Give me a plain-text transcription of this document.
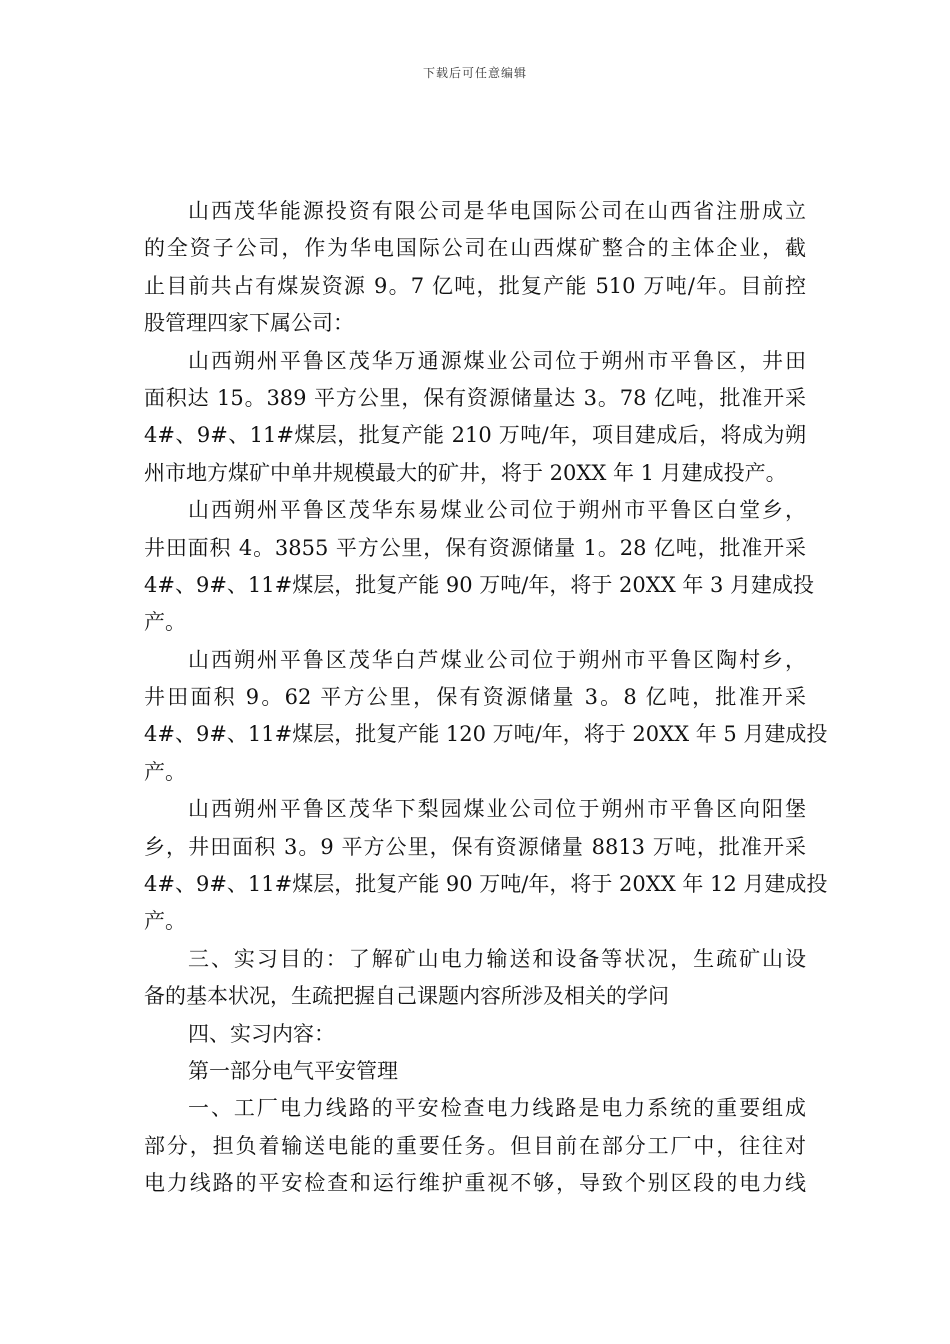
下载后可任意编辑
山西茂华能源投资有限公司是华电国际公司在山西省注册成立
的全资子公司，作为华电国际公司在山西煤矿整合的主体企业，截
止目前共占有煤炭资源 9。7 亿吨，批复产能 510 万吨/年。目前控
股管理四家下属公司：
山西朔州平鲁区茂华万通源煤业公司位于朔州市平鲁区，井田
面积达 15。389 平方公里，保有资源储量达 3。78 亿吨，批准开采
4#、9#、11#煤层，批复产能 210 万吨/年，项目建成后，将成为朔
州市地方煤矿中单井规模最大的矿井，将于 20XX 年 1 月建成投产。
山西朔州平鲁区茂华东易煤业公司位于朔州市平鲁区白堂乡，
井田面积 4。3855 平方公里，保有资源储量 1。28 亿吨，批准开采
4#、9#、11#煤层，批复产能 90 万吨/年，将于 20XX 年 3 月建成投
产。
山西朔州平鲁区茂华白芦煤业公司位于朔州市平鲁区陶村乡，
井田面积 9。62 平方公里，保有资源储量 3。8 亿吨，批准开采
4#、9#、11#煤层，批复产能 120 万吨/年，将于 20XX 年 5 月建成投
产。
山西朔州平鲁区茂华下梨园煤业公司位于朔州市平鲁区向阳堡
乡，井田面积 3。9 平方公里，保有资源储量 8813 万吨，批准开采
4#、9#、11#煤层，批复产能 90 万吨/年，将于 20XX 年 12 月建成投
产。
三、实习目的：了解矿山电力输送和设备等状况，生疏矿山设
备的基本状况，生疏把握自己课题内容所涉及相关的学问
四、实习内容：
第一部分电气平安管理
一、工厂电力线路的平安检查电力线路是电力系统的重要组成
部分，担负着输送电能的重要任务。但目前在部分工厂中，往往对
电力线路的平安检查和运行维护重视不够，导致个别区段的电力线
